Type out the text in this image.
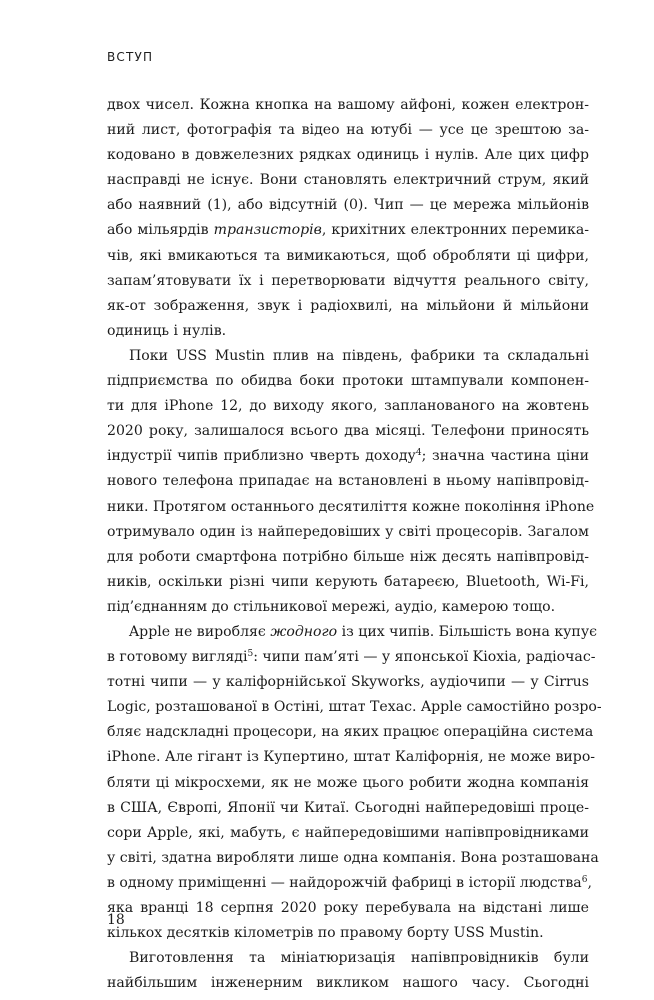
ВСТУП
двох чисел. Кожна кнопка на вашому айфоні, кожен електрон-
ний лист, фотографія та відео на ютубі — усе це зрештою за-
кодовано в довжелезних рядках одиниць і нулів. Але цих цифр
насправді не існує. Вони становлять електричний струм, який
або наявний (1), або відсутній (0). Чип — це мережа мільйонів
або мільярдів транзисторів, крихітних електронних перемика-
чів, які вмикаються та вимикаються, щоб обробляти ці цифри,
запам’ятовувати їх і перетворювати відчуття реального світу,
як-от зображення, звук і радіохвилі, на мільйони й мільйони
одиниць і нулів.
Поки USS Mustin плив на південь, фабрики та складальні
підприємства по обидва боки протоки штампували компонен-
ти для iPhone 12, до виходу якого, запланованого на жовтень
2020 року, залишалося всього два місяці. Телефони приносять
індустрії чипів приблизно чверть доходу$^4$; значна частина ціни
нового телефона припадає на встановлені в ньому напівпровід-
ники. Протягом останнього десятиліття кожне покоління iPhone
отримувало один із найпередовіших у світі процесорів. Загалом
для роботи смартфона потрібно більше ніж десять напівпровід-
ників, оскільки різні чипи керують батареєю, Bluetooth, Wi-Fi,
під’єднанням до стільникової мережі, аудіо, камерою тощо.
Apple не виробляє жодного із цих чипів. Більшість вона купує
в готовому вигляді$^5$: чипи пам’яті — у японської Kioxia, радіочас-
тотні чипи — у каліфорнійської Skyworks, аудіочипи — у Cirrus
Logic, розташованої в Остіні, штат Техас. Apple самостійно розро-
бляє надскладні процесори, на яких працює операційна система
iPhone. Але гігант із Купертино, штат Каліфорнія, не може виро-
бляти ці мікросхеми, як не може цього робити жодна компанія
в США, Європі, Японії чи Китаї. Сьогодні найпередовіші проце-
сори Apple, які, мабуть, є найпередовішими напівпровідниками
у світі, здатна виробляти лише одна компанія. Вона розташована
в одному приміщенні — найдорожчій фабриці в історії людства$^6$,
яка вранці 18 серпня 2020 року перебувала на відстані лише
кількох десятків кілометрів по правому борту USS Mustin.
Виготовлення та мініатюризація напівпровідників були
найбільшим інженерним викликом нашого часу. Сьогодні
18
